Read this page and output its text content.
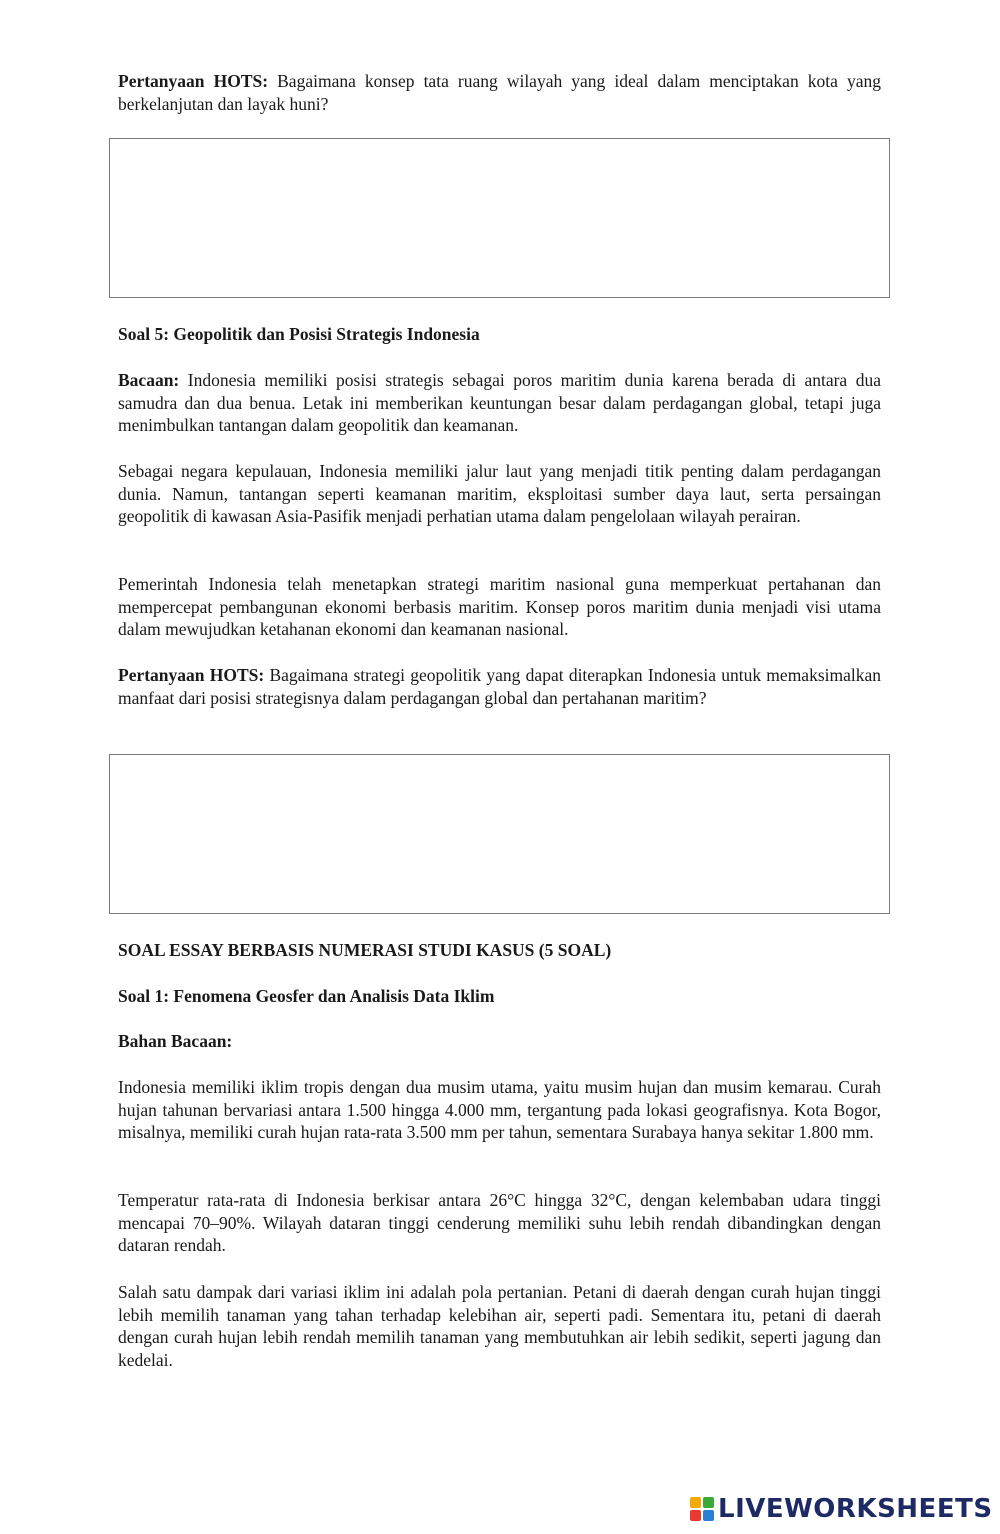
Pertanyaan HOTS: Bagaimana konsep tata ruang wilayah yang ideal dalam menciptakan kota yang berkelanjutan dan layak huni?

Soal 5: Geopolitik dan Posisi Strategis Indonesia

Bacaan: Indonesia memiliki posisi strategis sebagai poros maritim dunia karena berada di antara dua samudra dan dua benua. Letak ini memberikan keuntungan besar dalam perdagangan global, tetapi juga menimbulkan tantangan dalam geopolitik dan keamanan.

Sebagai negara kepulauan, Indonesia memiliki jalur laut yang menjadi titik penting dalam perdagangan dunia. Namun, tantangan seperti keamanan maritim, eksploitasi sumber daya laut, serta persaingan geopolitik di kawasan Asia-Pasifik menjadi perhatian utama dalam pengelolaan wilayah perairan.

Pemerintah Indonesia telah menetapkan strategi maritim nasional guna memperkuat pertahanan dan mempercepat pembangunan ekonomi berbasis maritim. Konsep poros maritim dunia menjadi visi utama dalam mewujudkan ketahanan ekonomi dan keamanan nasional.

Pertanyaan HOTS: Bagaimana strategi geopolitik yang dapat diterapkan Indonesia untuk memaksimalkan manfaat dari posisi strategisnya dalam perdagangan global dan pertahanan maritim?

SOAL ESSAY BERBASIS NUMERASI STUDI KASUS (5 SOAL)

Soal 1: Fenomena Geosfer dan Analisis Data Iklim

Bahan Bacaan:

Indonesia memiliki iklim tropis dengan dua musim utama, yaitu musim hujan dan musim kemarau. Curah hujan tahunan bervariasi antara 1.500 hingga 4.000 mm, tergantung pada lokasi geografisnya. Kota Bogor, misalnya, memiliki curah hujan rata-rata 3.500 mm per tahun, sementara Surabaya hanya sekitar 1.800 mm.

Temperatur rata-rata di Indonesia berkisar antara 26°C hingga 32°C, dengan kelembaban udara tinggi mencapai 70–90%. Wilayah dataran tinggi cenderung memiliki suhu lebih rendah dibandingkan dengan dataran rendah.

Salah satu dampak dari variasi iklim ini adalah pola pertanian. Petani di daerah dengan curah hujan tinggi lebih memilih tanaman yang tahan terhadap kelebihan air, seperti padi. Sementara itu, petani di daerah dengan curah hujan lebih rendah memilih tanaman yang membutuhkan air lebih sedikit, seperti jagung dan kedelai.

LIVEWORKSHEETS
